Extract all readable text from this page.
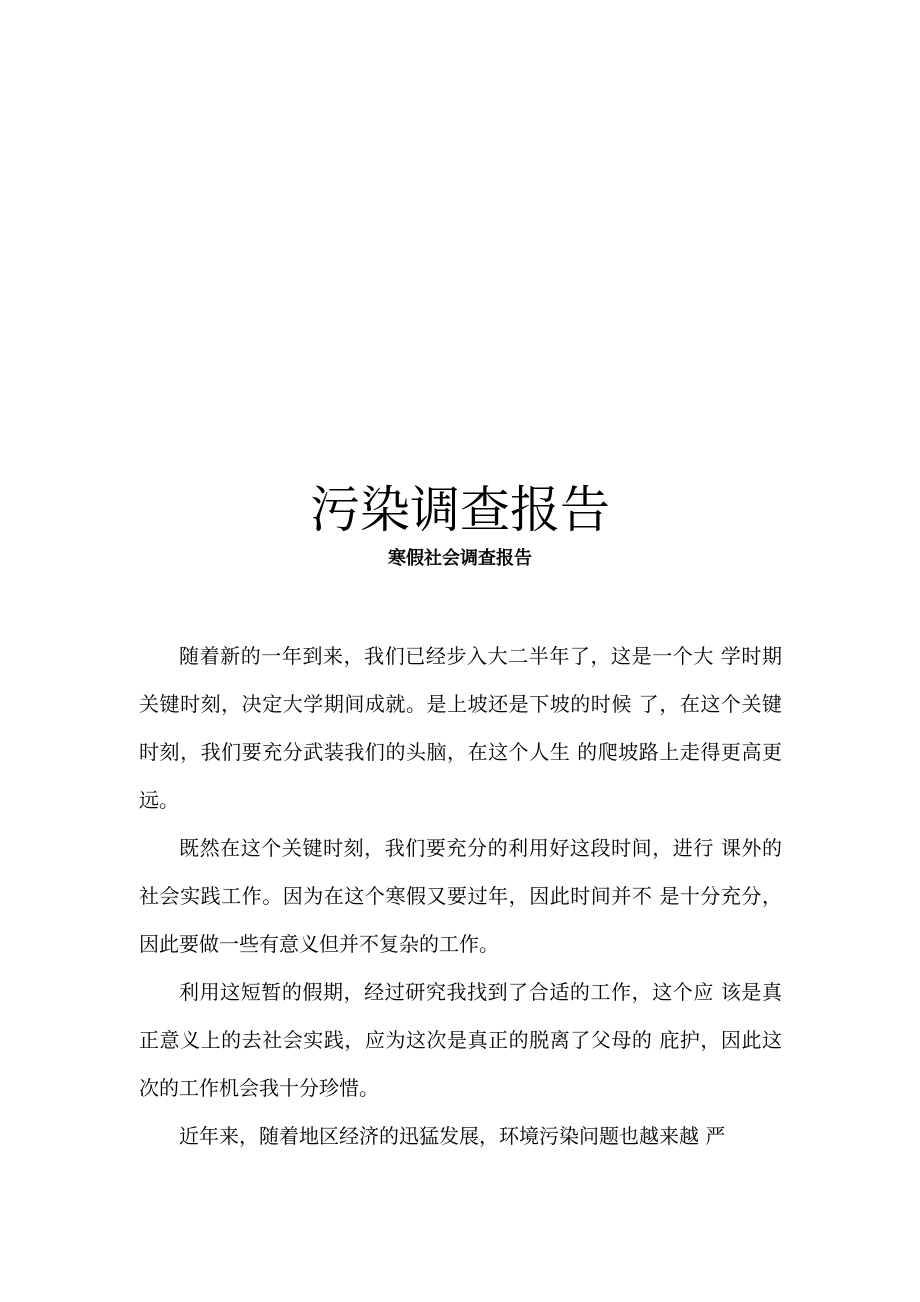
污染调查报告
寒假社会调查报告

随着新的一年到来，我们已经步入大二半年了，这是一个大 学时期关键时刻，决定大学期间成就。是上坡还是下坡的时候 了，在这个关键时刻，我们要充分武装我们的头脑，在这个人生 的爬坡路上走得更高更远。

既然在这个关键时刻，我们要充分的利用好这段时间，进行 课外的社会实践工作。因为在这个寒假又要过年，因此时间并不 是十分充分，因此要做一些有意义但并不复杂的工作。

利用这短暂的假期，经过研究我找到了合适的工作，这个应 该是真正意义上的去社会实践，应为这次是真正的脱离了父母的 庇护，因此这次的工作机会我十分珍惜。

近年来，随着地区经济的迅猛发展，环境污染问题也越来越 严
